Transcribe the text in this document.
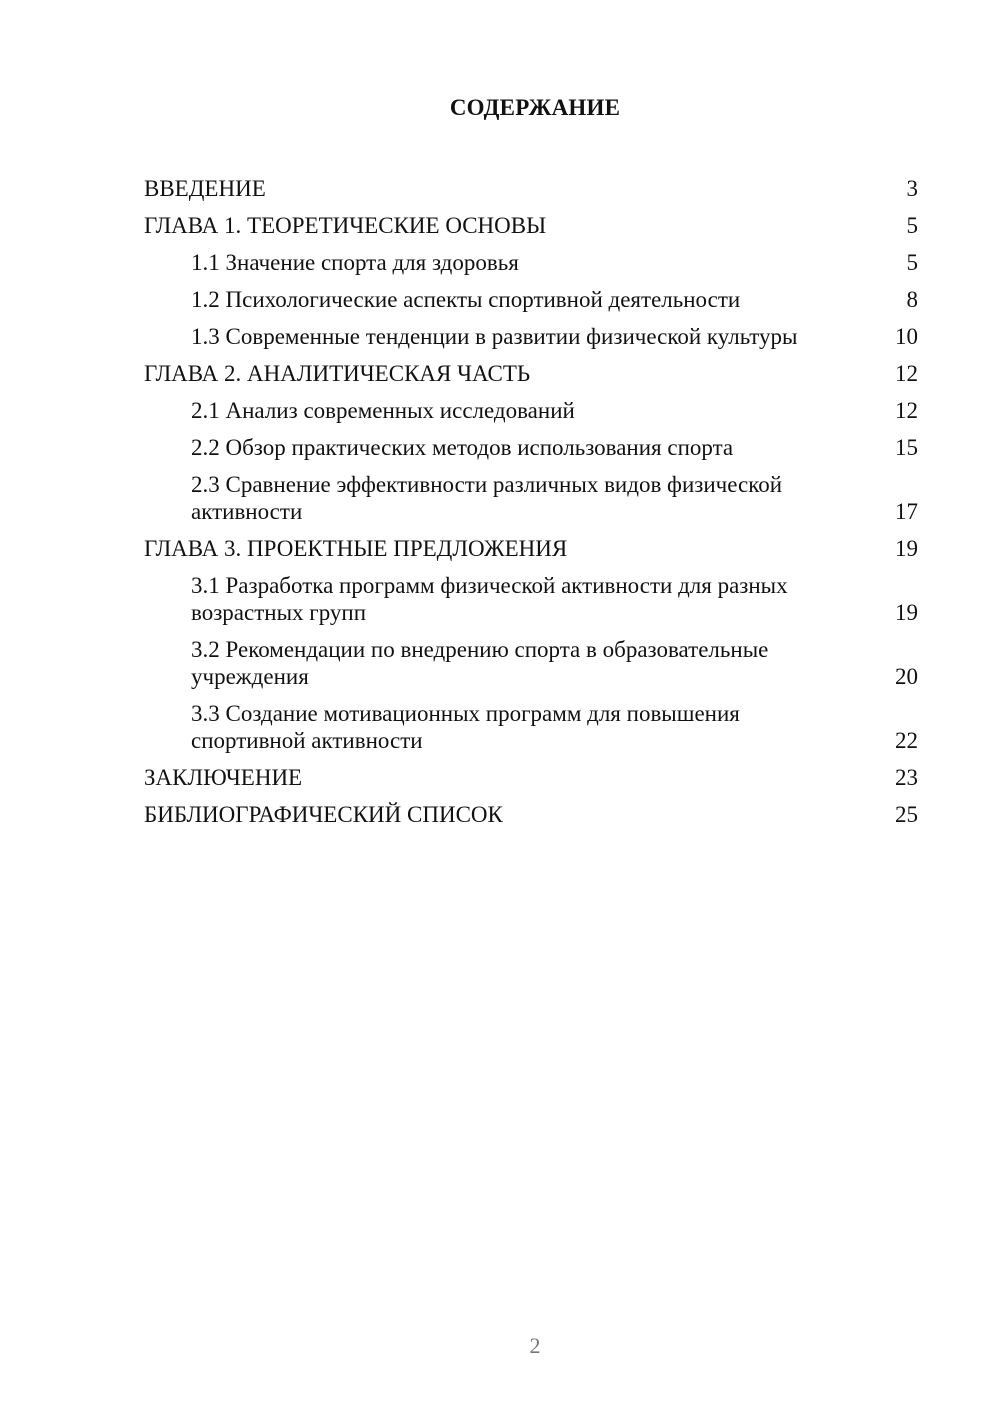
СОДЕРЖАНИЕ
ВВЕДЕНИЕ	3
ГЛАВА 1. ТЕОРЕТИЧЕСКИЕ ОСНОВЫ	5
1.1 Значение спорта для здоровья	5
1.2 Психологические аспекты спортивной деятельности	8
1.3 Современные тенденции в развитии физической культуры	10
ГЛАВА 2. АНАЛИТИЧЕСКАЯ ЧАСТЬ	12
2.1 Анализ современных исследований	12
2.2 Обзор практических методов использования спорта	15
2.3 Сравнение эффективности различных видов физической активности	17
ГЛАВА 3. ПРОЕКТНЫЕ ПРЕДЛОЖЕНИЯ	19
3.1 Разработка программ физической активности для разных возрастных групп	19
3.2 Рекомендации по внедрению спорта в образовательные учреждения	20
3.3 Создание мотивационных программ для повышения спортивной активности	22
ЗАКЛЮЧЕНИЕ	23
БИБЛИОГРАФИЧЕСКИЙ СПИСОК	25
2
